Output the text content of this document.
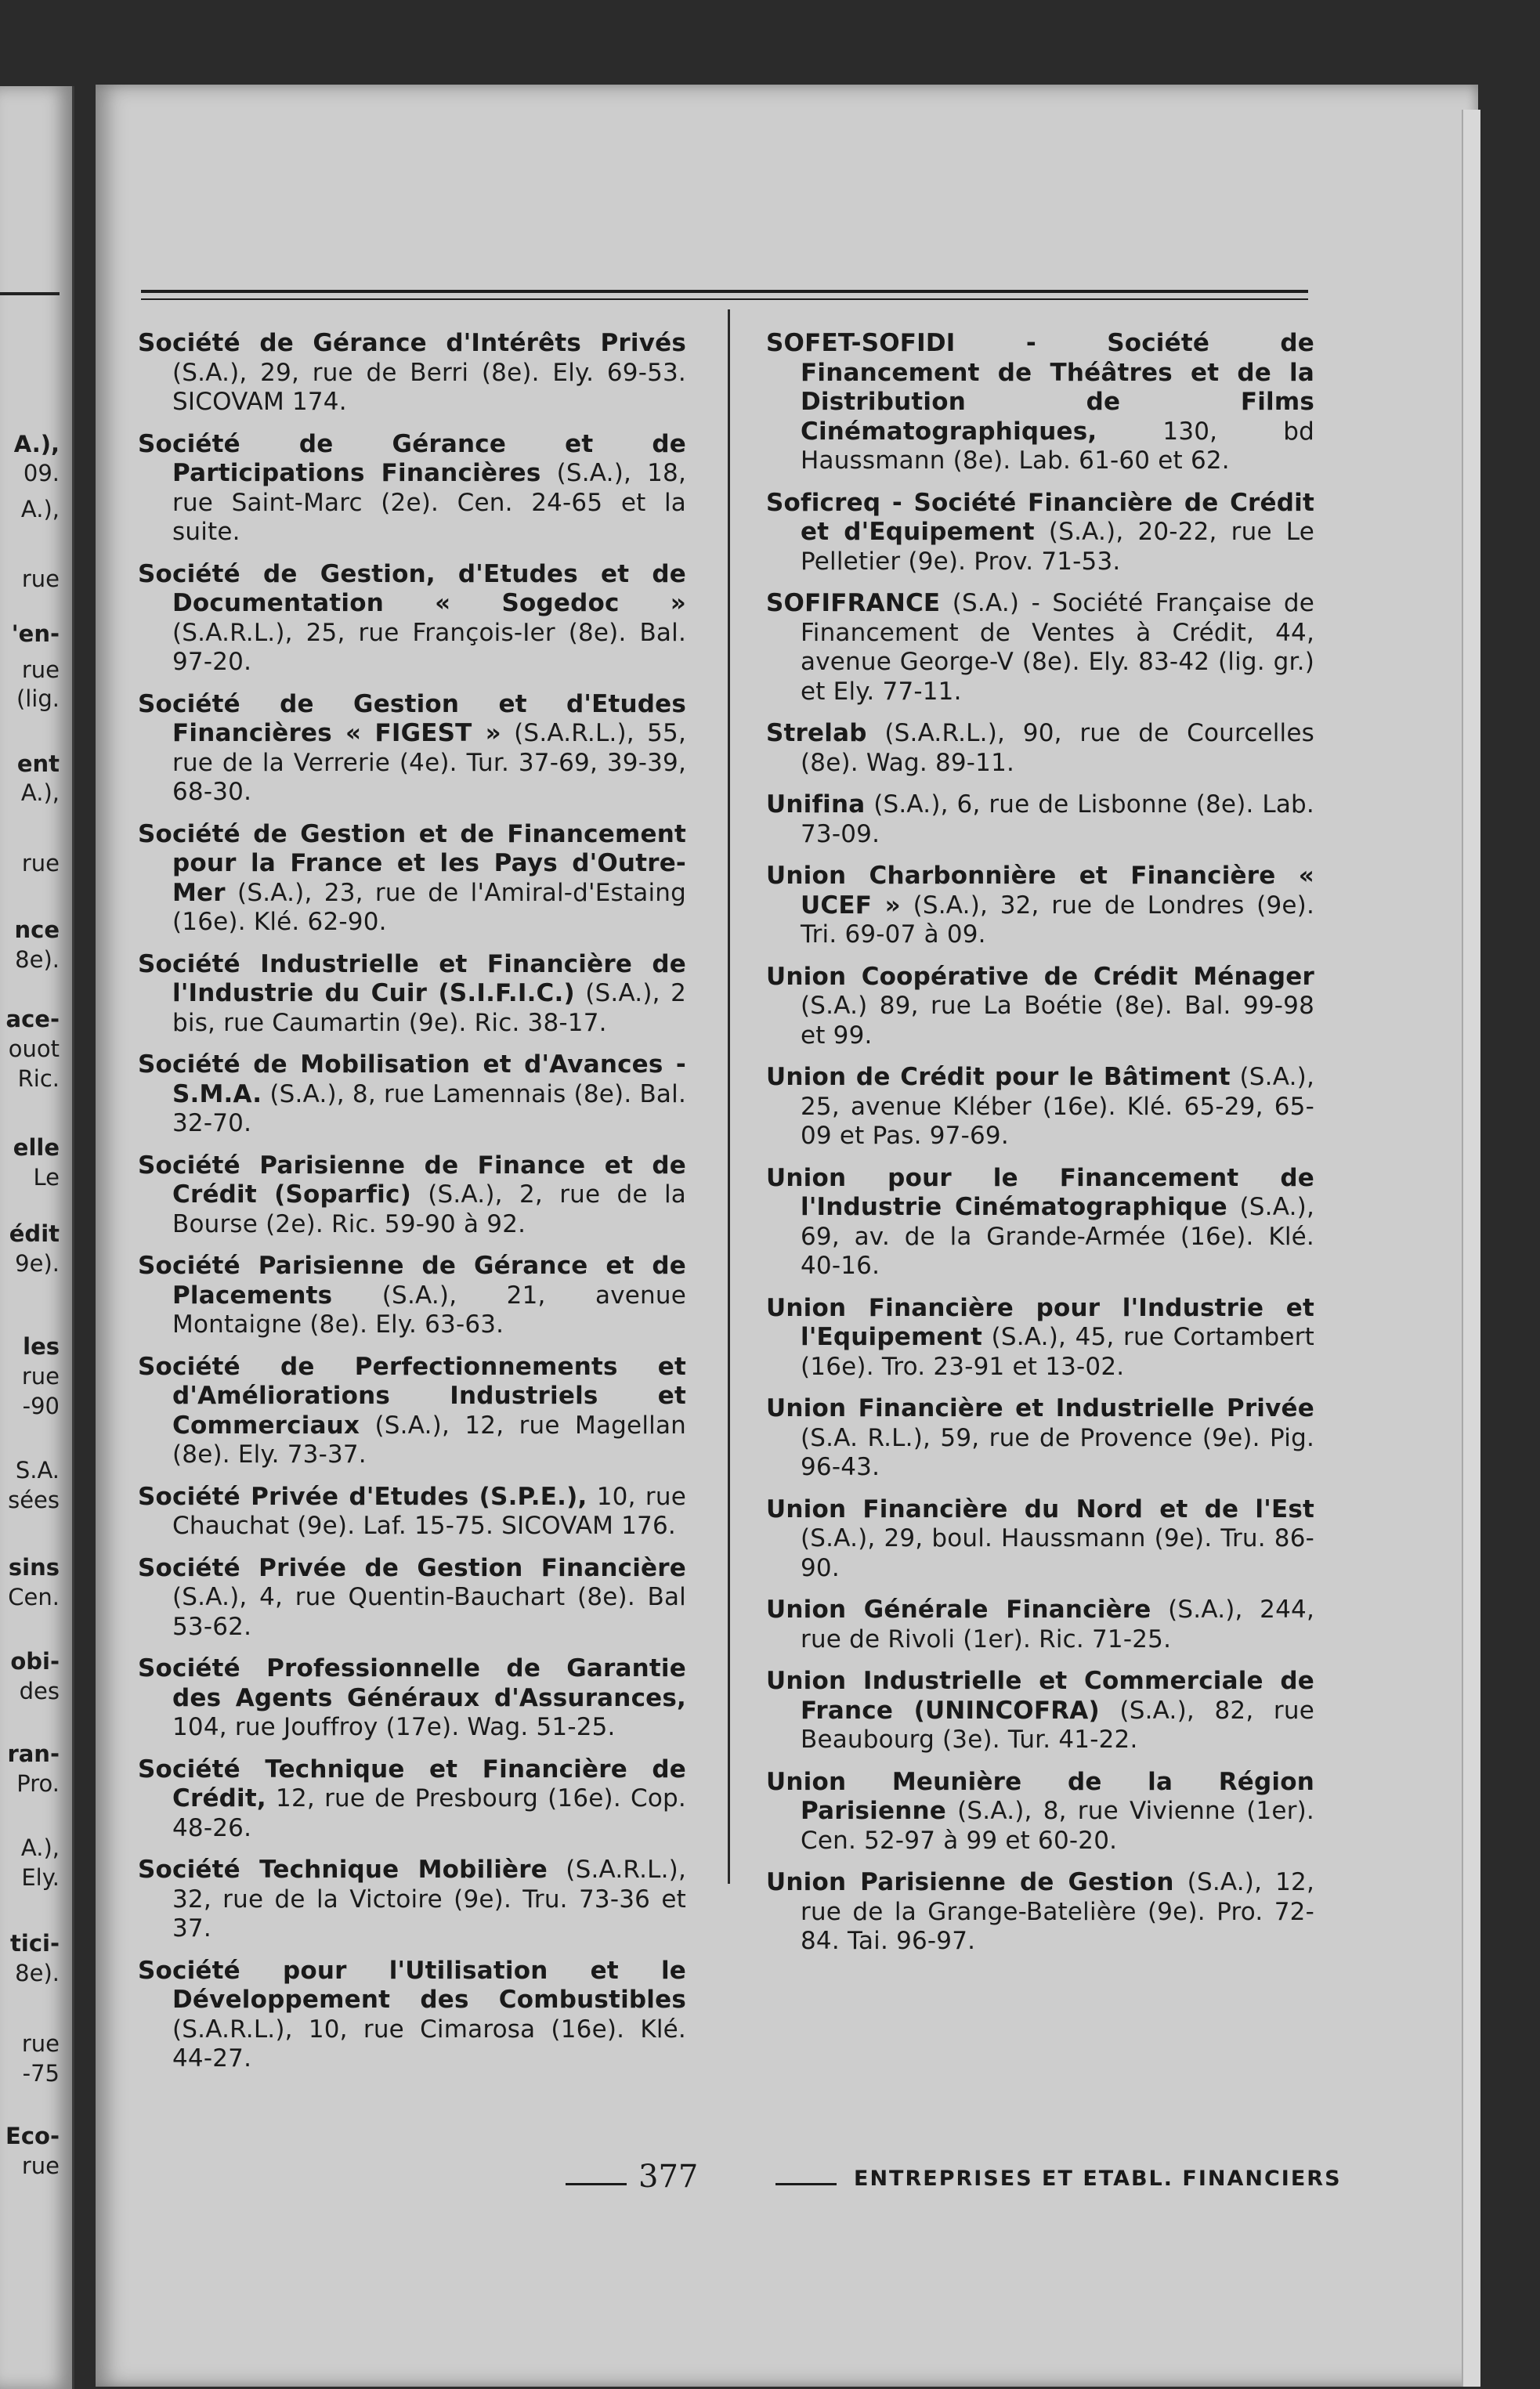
A.),
09.
A.),
rue
'en-
rue
(lig.
ent
A.),
rue
nce
8e).
ace-
ouot
Ric.
elle
Le
édit
9e).
les
rue
-90
S.A.
sées
sins
Cen.
obi-
des
ran-
Pro.
A.),
Ely.
tici-
8e).
rue
-75
Eco-
rue

Société de Gérance d'Intérêts Privés (S.A.), 29, rue de Berri (8e). Ely. 69-53. SICOVAM 174.

Société de Gérance et de Participations Financières (S.A.), 18, rue Saint-Marc (2e). Cen. 24-65 et la suite.

Société de Gestion, d'Etudes et de Documentation « Sogedoc » (S.A.R.L.), 25, rue François-Ier (8e). Bal. 97-20.

Société de Gestion et d'Etudes Financières « FIGEST » (S.A.R.L.), 55, rue de la Verrerie (4e). Tur. 37-69, 39-39, 68-30.

Société de Gestion et de Financement pour la France et les Pays d'Outre-Mer (S.A.), 23, rue de l'Amiral-d'Estaing (16e). Klé. 62-90.

Société Industrielle et Financière de l'Industrie du Cuir (S.I.F.I.C.) (S.A.), 2 bis, rue Caumartin (9e). Ric. 38-17.

Société de Mobilisation et d'Avances - S.M.A. (S.A.), 8, rue Lamennais (8e). Bal. 32-70.

Société Parisienne de Finance et de Crédit (Soparfic) (S.A.), 2, rue de la Bourse (2e). Ric. 59-90 à 92.

Société Parisienne de Gérance et de Placements (S.A.), 21, avenue Montaigne (8e). Ely. 63-63.

Société de Perfectionnements et d'Améliorations Industriels et Commerciaux (S.A.), 12, rue Magellan (8e). Ely. 73-37.

Société Privée d'Etudes (S.P.E.), 10, rue Chauchat (9e). Laf. 15-75. SICOVAM 176.

Société Privée de Gestion Financière (S.A.), 4, rue Quentin-Bauchart (8e). Bal 53-62.

Société Professionnelle de Garantie des Agents Généraux d'Assurances, 104, rue Jouffroy (17e). Wag. 51-25.

Société Technique et Financière de Crédit, 12, rue de Presbourg (16e). Cop. 48-26.

Société Technique Mobilière (S.A.R.L.), 32, rue de la Victoire (9e). Tru. 73-36 et 37.

Société pour l'Utilisation et le Développement des Combustibles (S.A.R.L.), 10, rue Cimarosa (16e). Klé. 44-27.

SOFET-SOFIDI - Société de Financement de Théâtres et de la Distribution de Films Cinématographiques, 130, bd Haussmann (8e). Lab. 61-60 et 62.

Soficreq - Société Financière de Crédit et d'Equipement (S.A.), 20-22, rue Le Pelletier (9e). Prov. 71-53.

SOFIFRANCE (S.A.) - Société Française de Financement de Ventes à Crédit, 44, avenue George-V (8e). Ely. 83-42 (lig. gr.) et Ely. 77-11.

Strelab (S.A.R.L.), 90, rue de Courcelles (8e). Wag. 89-11.

Unifina (S.A.), 6, rue de Lisbonne (8e). Lab. 73-09.

Union Charbonnière et Financière « UCEF » (S.A.), 32, rue de Londres (9e). Tri. 69-07 à 09.

Union Coopérative de Crédit Ménager (S.A.) 89, rue La Boétie (8e). Bal. 99-98 et 99.

Union de Crédit pour le Bâtiment (S.A.), 25, avenue Kléber (16e). Klé. 65-29, 65-09 et Pas. 97-69.

Union pour le Financement de l'Industrie Cinématographique (S.A.), 69, av. de la Grande-Armée (16e). Klé. 40-16.

Union Financière pour l'Industrie et l'Equipement (S.A.), 45, rue Cortambert (16e). Tro. 23-91 et 13-02.

Union Financière et Industrielle Privée (S.A. R.L.), 59, rue de Provence (9e). Pig. 96-43.

Union Financière du Nord et de l'Est (S.A.), 29, boul. Haussmann (9e). Tru. 86-90.

Union Générale Financière (S.A.), 244, rue de Rivoli (1er). Ric. 71-25.

Union Industrielle et Commerciale de France (UNINCOFRA) (S.A.), 82, rue Beaubourg (3e). Tur. 41-22.

Union Meunière de la Région Parisienne (S.A.), 8, rue Vivienne (1er). Cen. 52-97 à 99 et 60-20.

Union Parisienne de Gestion (S.A.), 12, rue de la Grange-Batelière (9e). Pro. 72-84. Tai. 96-97.

377	ENTREPRISES ET ETABL. FINANCIERS
